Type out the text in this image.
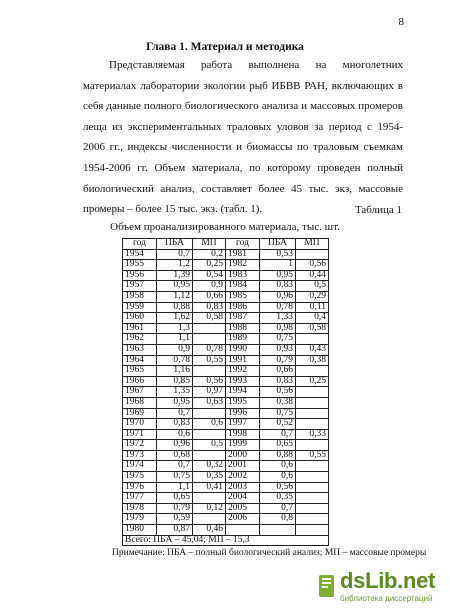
8
Глава 1. Материал и методика

Представляемая работа выполнена на многолетних материалах лаборатории экологии рыб ИБВВ РАН, включающих в себя данные полного биологического анализа и массовых промеров леща из экспериментальных траловых уловов за период с 1954-2006 гг., индексы численности и биомассы по траловым съемкам 1954-2006 гг. Объем материала, по которому проведен полный биологический анализ, составляет более 45 тыс. экз, массовые промеры – более 15 тыс. экз. (табл. 1).	Таблица 1
Объем проанализированного материала, тыс. шт.
год	ПБА	МП	год	ПБА	МП
1954	0,7	0,2	1981	0,53	
1955	1,2	0,25	1982	1	0,56
1956	1,39	0,54	1983	0,95	0,44
1957	0,95	0,9	1984	0,83	0,5
1958	1,12	0,66	1985	0,96	0,29
1959	0,88	0,83	1986	0,78	0,11
1960	1,62	0,58	1987	1,33	0,4
1961	1,3		1988	0,98	0,58
1962	1,1		1989	0,75	
1963	0,9	0,78	1990	0,93	0,43
1964	0,78	0,55	1991	0,79	0,38
1965	1,16		1992	0,66	
1966	0,85	0,56	1993	0,83	0,25
1967	1,35	0,97	1994	0,56	
1968	0,95	0,63	1995	0,38	
1969	0,7		1996	0,75	
1970	0,83	0,6	1997	0,52	
1971	0,6		1998	0,7	0,33
1972	0,96	0,5	1999	0,65	
1973	0,68		2000	0,88	0,55
1974	0,7	0,32	2001	0,6	
1975	0,75	0,35	2002	0,6	
1976	1,1	0,41	2003	0,56	
1977	0,65		2004	0,35	
1978	0,79	0,12	2005	0,7	
1979	0,59		2006	0,8	
1980	0,87	0,46			
Всего: ПБА – 45,04; МП – 15,3					
Примечание: ПБА – полный биологический анализ; МП – массовые промеры
dsLib.net
библиотека диссертаций
